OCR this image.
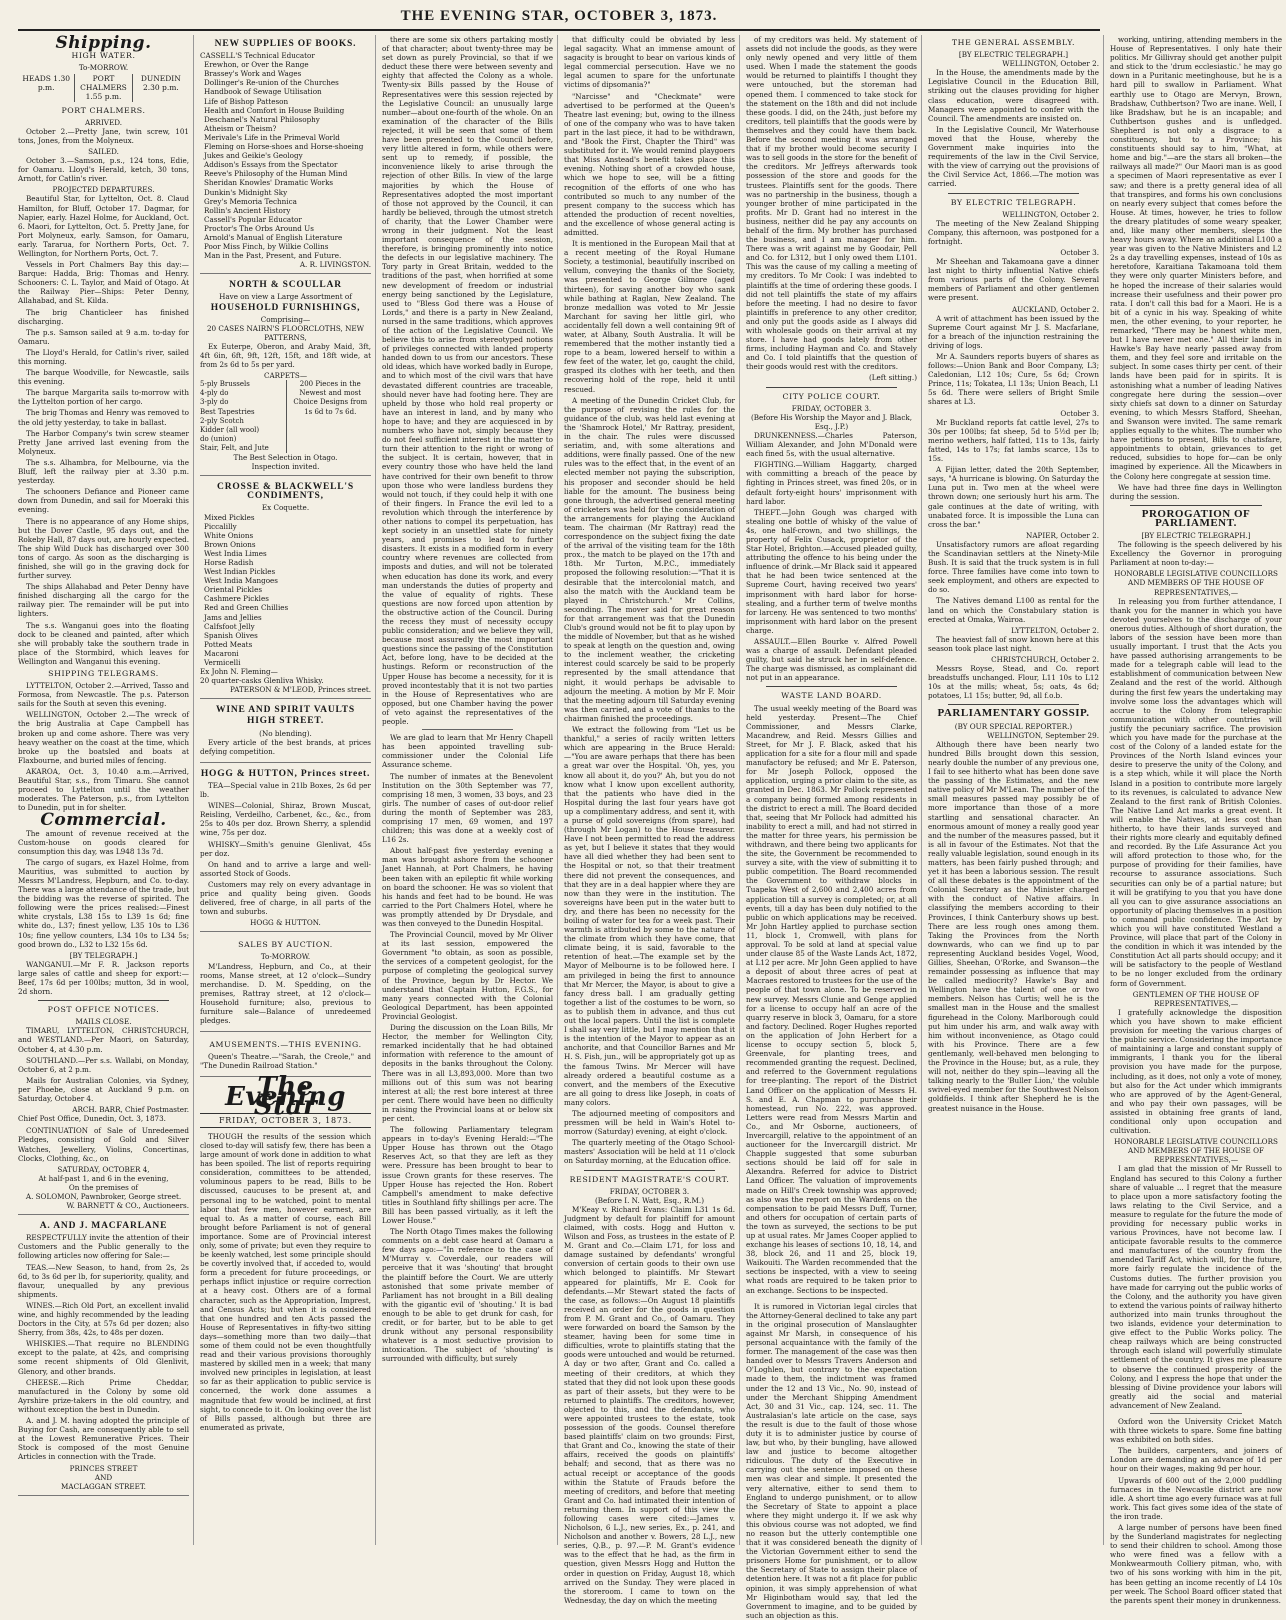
THE EVENING STAR, OCTOBER 3, 1873.
Shipping.
HIGH WATER.
To-MORROW.
HEADS 1.30 p.m.
PORT CHALMERS 1.55 p.m.
DUNEDIN 2.30 p.m.
PORT CHALMERS.
ARRIVED.

October 2.—Pretty Jane, twin screw, 101 tons, Jones, from the Molyneux.

SAILED.

October 3.—Samson, p.s., 124 tons, Edie, for Oamaru. Lloyd's Herald, ketch, 30 tons, Arnott, for Catlin's river.

PROJECTED DEPARTURES.

Beautiful Star, for Lyttelton, Oct. 8. Claud Hamilton, for Bluff, October 17. Dagmar, for Napier, early. Hazel Holme, for Auckland, Oct. 6. Maori, for Lyttelton, Oct. 5. Pretty Jane, for Port Molyneux, early. Samson, for Oamaru, early. Tararua, for Northern Ports, Oct. 7. Wellington, for Northern Ports, Oct. 7.

Vessels in Port Chalmers Bay this day:— Barque: Hadda, Brig: Thomas and Henry. Schooners: C. L. Taylor, and Maid of Otago. At the Railway Pier—Ships: Peter Denny, Allahabad, and St. Kilda.

The brig Chanticleer has finished discharging.

The p.s. Samson sailed at 9 a.m. to-day for Oamaru.

The Lloyd's Herald, for Catlin's river, sailed this morning.

The barque Woodville, for Newcastle, sails this evening.

The barque Margarita sails to-morrow with the Lyttelton portion of her cargo.

The brig Thomas and Henry was removed to the old jetty yesterday, to take in ballast.

The Harbor Company's twin screw steamer Pretty Jane arrived last evening from the Molyneux.

The s.s. Alhambra, for Melbourne, via the Bluff, left the railway pier at 3.30 p.m. yesterday.

The schooners Defiance and Pioneer came down from Dunedin, and sail for Moeraki this evening.

There is no appearance of any Home ships, but the Dover Castle, 95 days out, and the Rokeby Hall, 87 days out, are hourly expected. The ship Wild Duck has discharged over 300 tons of cargo. As soon as the discharging is finished, she will go in the graving dock for further survey.

The ships Allahabad and Peter Denny have finished discharging all the cargo for the railway pier. The remainder will be put into lighters.

The s.s. Wanganui goes into the floating dock to be cleaned and painted, after which she will probably take the southern trade in place of the Stormbird, which leaves for Wellington and Wanganui this evening.

SHIPPING TELEGRAMS.

LYTTELTON, October 2.—Arrived, Tasso and Formosa, from Newcastle. The p.s. Paterson sails for the South at seven this evening.

WELLINGTON, October 2.—The wreck of the brig Australia at Cape Campbell has broken up and come ashore. There was very heavy weather on the coast at the time, which broke up the boatsled and boats at Flaxbourne, and buried miles of fencing.

AKAROA, Oct. 3, 10.40 a.m.—Arrived, Beautiful Star, s.s., from Timaru. She cannot proceed to Lyttelton until the weather moderates. The Paterson, p.s., from Lyttelton to Dunedin, put in for shelter.

Commercial.

The amount of revenue received at the Custom-house on goods cleared for consumption this day, was L948 13s 7d.

The cargo of sugars, ex Hazel Holme, from Mauritius, was submitted to auction by Messrs M'Landress, Hepburn, and Co. to-day. There was a large attendance of the trade, but the bidding was the reverse of spirited. The following were the prices realised:—Finest white crystals, L38 15s to L39 1s 6d; fine white do., L37; finest yellow, L35 10s to L36 10s; fine yellow counters, L34 10s to L34 5s; good brown do., L32 to L32 15s 6d.

[BY TELEGRAPH.]

WANGANUI.—Mr F. R. Jackson reports large sales of cattle and sheep for export:—Beef, 17s 6d per 100lbs; mutton, 3d in wool, 2d shorn.

POST OFFICE NOTICES.
MAILS CLOSE.

TIMARU, LYTTELTON, CHRISTCHURCH, and WESTLAND.—Per Maori, on Saturday, October 4, at 4.30 p.m.

SOUTHLAND.—Per s.s. Wallabi, on Monday, October 6, at 2 p.m.

Mails for Australian Colonies, via Sydney, per Phoebe, close at Auckland 9 p.m. on Saturday, October 4.

ARCH. BARR, Chief Postmaster.
Chief Post Office, Dunedin, Oct. 3, 1873.

CONTINUATION of Sale of Unredeemed Pledges, consisting of Gold and Silver Watches, Jewellery, Violins, Concertinas, Clocks, Clothing, &c., on

SATURDAY, OCTOBER 4,
At half-past 1, and 6 in the evening,
On the premises of
A. SOLOMON, Pawnbroker, George street.
W. BARNETT & CO., Auctioneers.
A. AND J. MACFARLANE

RESPECTFULLY invite the attention of their Customers and the Public generally to the following articles now offering for Sale:—

TEAS.—New Season, to hand, from 2s, 2s 6d, to 3s 6d per lb, for superiority, quality, and flavour, unequalled by any previous shipments.

WINES.—Rich Old Port, an excellent invalid wine, and highly recommended by the leading Doctors in the City, at 57s 6d per dozen; also Sherry, from 38s, 42s, to 48s per dozen.

WHISKIES.—That require no BLENDING except to the palate, at 42s, and comprising some recent shipments of Old Glenlivit, Glenory, and other brands.

CHEESE.—Rich Prime Cheddar, manufactured in the Colony by some old Ayrshire prize-takers in the old country, and without exception the best in Dunedin.

A. and J. M. having adopted the principle of Buying for Cash, are consequently able to sell at the Lowest Remunerative Prices. Their Stock is composed of the most Genuine Articles in connection with the Trade.

PRINCES STREET
AND
MACLAGGAN STREET.
NEW SUPPLIES OF BOOKS.
CASSELL'S Technical Educator
Erewhon, or Over the Range
Brassey's Work and Wages
Dollinger's Re-union of the Churches
Handbook of Sewage Utilisation
Life of Bishop Patteson
Health and Comfort in House Building
Deschanel's Natural Philosophy
Atheism or Theism?
Merivale's Life in the Primeval World
Fleming on Horse-shoes and Horse-shoeing
Jukes and Geikie's Geology
Addison's Essays from the Spectator
Reeve's Philosophy of the Human Mind
Sheridan Knowles' Dramatic Works
Dunkin's Midnight Sky
Grey's Memoria Technica
Rollin's Ancient History
Cassell's Popular Educator
Proctor's The Orbs Around Us
Arnold's Manual of English Literature
Poor Miss Finch, by Wilkie Collins
Man in the Past, Present, and Future.
A. R. LIVINGSTON.
NORTH & SCOULLAR
Have on view a Large Assortment of
HOUSEHOLD FURNISHINGS,
Comprising—
20 CASES NAIRN'S FLOORCLOTHS, NEW PATTERNS,

Ex Euterpe, Oberon, and Araby Maid, 3ft, 4ft 6in, 6ft, 9ft, 12ft, 15ft, and 18ft wide, at from 2s 6d to 5s per yard.

CARPETS—
5-ply Brussels
4-ply do
3-ply do
Best Tapestries
2-ply Scotch
Kidder (all wool)
do (union)
Stair, Felt, and Jute
200 Pieces in the Newest and most Choice Designs from 1s 6d to 7s 6d.
The Best Selection in Otago.
Inspection invited.
CROSSE & BLACKWELL'S CONDIMENTS,
Ex Coquette.
Mixed Pickles
Piccalilly
White Onions
Brown Onions
West India Limes
Horse Radish
West Indian Pickles
West India Mangoes
Oriental Pickles
Cashmere Pickles
Red and Green Chillies
Jams and Jellies
Calfsfoot Jelly
Spanish Olives
Potted Meats
Macaroni
Vermicelli
Ex John N. Fleming—
20 quarter-casks Glenliva Whisky.
PATERSON & M'LEOD, Princes street.
WINE AND SPIRIT VAULTS
HIGH STREET.
(No blending).

Every article of the best brands, at prices defying competition.

HOGG & HUTTON, Princes street.

TEA—Special value in 21lb Boxes, 2s 6d per lb.

WINES—Colonial, Shiraz, Brown Muscat, Reisling, Verdeilho, Carbenet, &c., &c., from 25s to 40s per doz. Brown Sherry, a splendid wine, 75s per doz.

WHISKY—Smith's genuine Glenlivat, 45s per doz.

On hand and to arrive a large and well-assorted Stock of Goods.

Customers may rely on every advantage in price and quality being given. Goods delivered, free of charge, in all parts of the town and suburbs.

HOGG & HUTTON.
SALES BY AUCTION.
To-MORROW.

M'Landress, Hepburn, and Co., at their rooms, Manse street, at 12 o'clock—Sundry merchandise. D. M. Spedding, on the premises, Rattray street, at 12 o'clock—Household furniture; also, previous to furniture sale—Balance of unredeemed pledges.

AMUSEMENTS.—THIS EVENING.

Queen's Theatre.—"Sarah, the Creole," and "The Dunedin Railroad Station."

The Evening Star
FRIDAY, OCTOBER 3, 1873.

THOUGH the results of the session which closed to-day will satisfy few, there has been a large amount of work done in addition to what has been spoiled. The list of reports requiring consideration, committees to be attended, voluminous papers to be read, Bills to be discussed, caucuses to be present at, and personal ing to be watched, point to mental labor that few men, however earnest, are equal to. As a matter of course, each Bill brought before Parliament is not of general importance. Some are of Provincial interest only, some of private; but even they require to be keenly watched, lest some principle should be covertly involved that, if acceded to, would form a precedent for future proceedings, or perhaps inflict injustice or require correction at a heavy cost. Others are of a formal character, such as the Appropriation, Imprest, and Census Acts; but when it is considered that one hundred and ten Acts passed the House of Representatives in fifty-two sitting days—something more than two daily—that some of them could not be even thoughtfully read and their various provisions thoroughly mastered by skilled men in a week; that many involved new principles in legislation, at least so far as their application to public service is concerned, the work done assumes a magnitude that few would be inclined, at first sight, to concede to it. On looking over the list of Bills passed, although but three are enumerated as private,

there are some six others partaking mostly of that character; about twenty-three may be set down as purely Provincial, so that if we deduct these there were between seventy and eighty that affected the Colony as a whole. Twenty-six Bills passed by the House of Representatives were this session rejected by the Legislative Council: an unusually large number—about one-fourth of the whole. On an examination of the character of the Bills rejected, it will be seen that some of them have been presented to the Council before, very little altered in form, while others were sent up to remedy, if possible, the inconvenience likely to arise through the rejection of other Bills. In view of the large majorities by which the House of Representatives adopted the most important of those not approved by the Council, it can hardly be believed, through the utmost stretch of charity, that the Lower Chamber were wrong in their judgment. Not the least important consequence of the session, therefore, is bringing prominently into notice the defects in our legislative machinery. The Tory party in Great Britain, wedded to the traditions of the past, when horrified at some new development of freedom or industrial energy being sanctioned by the Legislature, used to "Bless God there was a House of Lords," and there is a party in New Zealand, nursed in the same traditions, which approves of the action of the Legislative Council. We believe this to arise from stereotyped notions of privileges connected with landed property handed down to us from our ancestors. These old ideas, which have worked badly in Europe, and to which most of the civil wars that have devastated different countries are traceable, should never have had footing here. They are upheld by those who hold real property or have an interest in land, and by many who hope to have; and they are acquiesced in by numbers who have not, simply because they do not feel sufficient interest in the matter to turn their attention to the right or wrong of the subject. It is certain, however, that in every country those who have held the land have contrived for their own benefit to throw upon those who were landless burdens they would not touch, if they could help it with one of their fingers. In France the evil led to a revolution which through the interference by other nations to compel its perpetuation, has kept society in an unsettled state for ninety years, and promises to lead to further disasters. It exists in a modified form in every country where revenues are collected from imposts and duties, and will not be tolerated when education has done its work, and every man understands the duties of property and the value of equality of rights. These questions are now forced upon attention by the obstructive action of the Council. During the recess they must of necessity occupy public consideration; and we believe they will, because most assuredly the most important questions since the passing of the Constitution Act, before long, have to be decided at the hustings. Reform or reconstruction of the Upper House has become a necessity, for it is proved incontestably that it is not two parties in the House of Representatives who are opposed, but one Chamber having the power of veto against the representatives of the people.

We are glad to learn that Mr Henry Chapell has been appointed travelling sub-commissioner under the Colonial Life Assurance scheme.

The number of inmates at the Benevolent Institution on the 30th September was 77, comprising 18 men, 3 women, 33 boys, and 23 girls. The number of cases of out-door relief during the month of September was 283, comprising 17 men, 69 women, and 197 children; this was done at a weekly cost of L16 2s.

About half-past five yesterday evening a man was brought ashore from the schooner Janet Hannah, at Port Chalmers, he having been taken with an epileptic fit while working on board the schooner. He was so violent that his hands and feet had to be bound. He was carried to the Port Chalmers Hotel, where he was promptly attended by Dr Drysdale, and was then conveyed to the Dunedin Hospital.

The Provincial Council, moved by Mr Oliver at its last session, empowered the Government "to obtain, as soon as possible, the services of a competent geologist, for the purpose of completing the geological survey of the Province, begun by Dr Hector. We understand that Captain Hutton, F.G.S., for many years connected with the Colonial Geological Department, has been appointed Provincial Geologist.

During the discussion on the Loan Bills, Mr Hector, the member for Wellington City, remarked incidentally that he had obtained information with reference to the amount of deposits in the banks throughout the Colony. There was in all L3,893,000. More than two millions out of this sum was not bearing interest at all; the rest bore interest at three per cent. There would have been no difficulty in raising the Provincial loans at or below six per cent.

The following Parliamentary telegram appears in to-day's Evening Herald:—"The Upper House has thrown out the Otago Reserves Act, so that they are left as they were. Pressure has been brought to bear to issue Crown grants for these reserves. The Upper House has rejected the Hon. Robert Campbell's amendment to make defective titles in Southland fifty shillings per acre. The Bill has been passed virtually, as it left the Lower House."

The North Otago Times makes the following comments on a debt case heard at Oamaru a few days ago:—"In reference to the case of M'Murray v. Coverdale, our readers will perceive that it was 'shouting' that brought the plaintiff before the Court. We are utterly astonished that some private member of Parliament has not brought in a Bill dealing with the gigantic evil of 'shouting.' It is bad enough to be able to get drunk for cash, for credit, or for barter, but to be able to get drunk without any personal responsibility whatever is a most seductive provision to intoxication. The subject of 'shouting' is surrounded with difficulty, but surely

that difficulty could be obviated by less legal sagacity. What an immense amount of sagacity is brought to bear on various kinds of legal commercial persecution. Have we no legal acumen to spare for the unfortunate victims of dipsomania?"

"Narcisse" and "Checkmate" were advertised to be performed at the Queen's Theatre last evening; but, owing to the illness of one of the company who was to have taken part in the last piece, it had to be withdrawn, and "Book the First, Chapter the Third" was substituted for it. We would remind playgoers that Miss Anstead's benefit takes place this evening. Nothing short of a crowded house, which we hope to see, will be a fitting recognition of the efforts of one who has contributed so much to any number of the present company to the success which has attended the production of recent novelties, and the excellence of whose general acting is admitted.

It is mentioned in the European Mail that at a recent meeting of the Royal Humane Society, a testimonial, beautifully inscribed on vellum, conveying the thanks of the Society, was presented to George Gilmore (aged thirteen), for saving another boy who sank while bathing at Raglan, New Zealand. The bronze medallion was voted to Mr Jessie Marchant for saving her little girl, who accidentally fell down a well containing 9ft of water, at Albany, South Australia. It will be remembered that the mother instantly tied a rope to a beam, lowered herself to within a few feet of the water, let go, caught the child, grasped its clothes with her teeth, and then recovering hold of the rope, held it until rescued.

A meeting of the Dunedin Cricket Club, for the purpose of revising the rules for the guidance of the club, was held last evening at the 'Shamrock Hotel,' Mr Rattray, president, in the chair. The rules were discussed seriatim, and, with some alterations and additions, were finally passed. One of the new rules was to the effect that, in the event of an elected member not paying the subscription, his proposer and seconder should be held liable for the amount. The business being gone through, the advertised general meeting of cricketers was held for the consideration of the arrangements for playing the Auckland team. The chairman (Mr Rattray) read the correspondence on the subject fixing the date of the arrival of the visiting team for the 18th prox., the match to be played on the 17th and 18th. Mr Turton, M.P.C., immediately proposed the following resolution:—"That it is desirable that the intercolonial match, and also the match with the Auckland team be played in Christchurch." Mr Collins, seconding. The mover said for great reason for that arrangement was that the Dunedin Club's ground would not be fit to play upon by the middle of November, but that as he wished to speak at length on the question and, owing to the inclement weather, the cricketing interest could scarcely be said to be properly represented by the small attendance that night, it would perhaps be advisable to adjourn the meeting. A motion by Mr F. Moir that the meeting adjourn till Saturday evening was then carried, and a vote of thanks to the chairman finished the proceedings.

We extract the following from "Let us be thankful," a series of racily written letters which are appearing in the Bruce Herald:—"You are aware perhaps that there has been a great war over the Hospital. 'Oh, yes, you know all about it, do you?' Ah, but you do not know what I know upon excellent authority, that the patients who have died in the Hospital during the last four years have got up a complimentary address, and sent it, with a purse of gold sovereigns (from spare), had (through Mr Logan) to the House treasurer. Have I not been permitted to read the address as yet, but I believe it states that they would have all died whether they had been sent to the Hospital or not, so that their treatment there did not prevent the consequences, and that they are in a deal happier where they are now than they were in the institution. The sovereigns have been put in the water butt to dry, and there has been no necessity for the boiling of water for tea for a week past. Their warmth is attributed by some to the nature of the climate from which they have come, that climate being, it is said, favorable to the retention of heat.—The example set by the Mayor of Melbourne is to be followed here. I am privileged in being the first to announce that Mr Mercer, the Mayor, is about to give a fancy dress ball. I am gradually getting together a list of the costumes to be worn, so as to publish them in advance, and thus cut out the local papers. Until the list is complete I shall say very little, but I may mention that it is the intention of the Mayor to appear as an anchorite, and that Councillor Barnes and Mr H. S. Fish, jun., will be appropriately got up as the famous Twins. Mr Mercer will have already ordered a beautiful costume as a convert, and the members of the Executive are all going to dress like Joseph, in coats of many colors.

The adjourned meeting of compositors and pressmen will be held in Wain's Hotel to-morrow (Saturday) evening, at eight o'clock.

The quarterly meeting of the Otago School-masters' Association will be held at 11 o'clock on Saturday morning, at the Education office.

RESIDENT MAGISTRATE'S COURT.
FRIDAY, OCTOBER 3.
(Before I. N. Watt, Esq., R.M.)

M'Keay v. Richard Evans: Claim L31 1s 6d. Judgment by default for plaintiff for amount claimed, with costs. Hogg and Hutton v. Wilson and Foss, as trustees in the estate of P. M. Grant and Co.—Claim L71, for loss and damage sustained by defendants' wrongful conversion of certain goods to their own use which belonged to plaintiffs. Mr Stewart appeared for plaintiffs, Mr E. Cook for defendants.—Mr Stewart stated the facts of the case, as follows:—On August 18 plaintiffs received an order for the goods in question from P. M. Grant and Co., of Oamaru. They were forwarded on board the Samson by the steamer, having been for some time in difficulties, wrote to plaintiffs stating that the goods were untouched and would be returned. A day or two after, Grant and Co. called a meeting of their creditors, at which they stated that they did not look upon these goods as part of their assets, but they were to be returned to plaintiffs. The creditors, however, objected to this, and the defendants, who were appointed trustees to the estate, took possession of the goods. Counsel therefore based plaintiffs' claim on two grounds: First, that Grant and Co., knowing the state of their affairs, received the goods on plaintiffs' behalf; and second, that as there was no actual receipt or acceptance of the goods within the Statute of Frauds before the meeting of creditors, and before that meeting Grant and Co. had intimated their intention of returning them. In support of this view the following cases were cited:—James v. Nicholson, 6 L.J., new series, Ex., p. 241, and Nicholson and another v. Bowers, 28 L.J., new series, Q.B., p. 97.—P. M. Grant's evidence was to the effect that he had, as the firm in question, given Messrs Hogg and Hutton the order in question on Friday, August 18, which arrived on the Sunday. They were placed in the storeroom. I came to town on the Wednesday, the day on which the meeting

of my creditors was held. My statement of assets did not include the goods, as they were only newly opened and very little of them used. When I made the statement the goods would be returned to plaintiffs I thought they were untouched, but the storeman had opened them. I commenced to take stock for the statement on the 18th and did not include these goods. I did, on the 24th, just before my creditors, tell plaintiffs that the goods were by themselves and they could have them back. Before the second meeting it was arranged that if my brother would become security I was to sell goods in the store for the benefit of the creditors. Mr Jeffreys afterwards took possession of the store and goods for the trustees. Plaintiffs sent for the goods. There was no partnership in the business, though a younger brother of mine participated in the profits. Mr D. Grant had no interest in the business, neither did he pay any accounts on behalf of the firm. My brother has purchased the business, and I am manager for him. There was a writ against me by Goodair, Pell and Co. for L312, but I only owed them L101. This was the cause of my calling a meeting of my creditors. To Mr Cook: I was indebted to plaintiffs at the time of ordering these goods. I did not tell plaintiffs the state of my affairs before the meeting. I had no desire to favor plaintiffs in preference to any other creditor, and only put the goods aside as I always did with wholesale goods on their arrival at my store. I have had goods lately from other firms, including Hayman and Co. and Stavely and Co. I told plaintiffs that the question of their goods would rest with the creditors.

(Left sitting.)
CITY POLICE COURT.
FRIDAY, OCTOBER 3.
(Before His Worship the Mayor and J. Black, Esq., J.P.)

DRUNKENNESS.—Charles Paterson, William Alexander, and John M'Donald were each fined 5s, with the usual alternative.

FIGHTING.—William Haggarty, charged with committing a breach of the peace by fighting in Princes street, was fined 20s, or in default forty-eight hours' imprisonment with hard labor.

THEFT.—John Gough was charged with stealing one bottle of whisky of the value of 4s, one half-crown, and two shillings, the property of Felix Cusack, proprietor of the Star Hotel, Brighton.—Accused pleaded guilty, attributing the offence to his being under the influence of drink.—Mr Black said it appeared that he had been twice sentenced at the Supreme Court, having received two years' imprisonment with hard labor for horse-stealing, and a further term of twelve months for larceny. He was sentenced to two months' imprisonment with hard labor on the present charge.

ASSAULT.—Ellen Bourke v. Alfred Powell was a charge of assault. Defendant pleaded guilty, but said he struck her in self-defence. The charge was dismissed, as complainant did not put in an appearance.

WASTE LAND BOARD.

The usual weekly meeting of the Board was held yesterday. Present—The Chief Commissioner, and Messrs Clarke, Macandrew, and Reid. Messrs Gillies and Street, for Mr J. F. Black, asked that his application for a site for a flour mill and spade manufactory be refused; and Mr E. Paterson, for Mr Joseph Pollock, opposed the application, urging a prior claim to the site, as granted in Dec. 1863. Mr Pollock represented a company being formed among residents in the district to erect a mill. The Board decided that, seeing that Mr Pollock had admitted his inability to erect a mill, and had not stirred in the matter for three years, his permission be withdrawn, and there being two applicants for the site, the Government be recommended to survey a site, with the view of submitting it to public competition. The Board recommended the Government to withdraw blocks in Tuapeka West of 2,600 and 2,400 acres from application till a survey is completed; or, at all events, till a day has been duly notified to the public on which applications may be received. Mr John Hartley applied to purchase section 11, block 1, Cromwell, with plans for approval. To be sold at land at special value under clause 85 of the Waste Lands Act, 1872, at L12 per acre. Mr John Geen applied to have a deposit of about three acres of peat at Macraes restored to trustees for the use of the people of that town alone. To be reserved in new survey. Messrs Clunie and Genge applied for a license to occupy half an acre of the quarry reserve in block 3, Oamaru, for a store and factory. Declined. Roger Hughes reported on the application of John Herbert for a license to occupy section 5, block 5, Greenvale, for planting trees, and recommended granting the request. Declined, and referred to the Government regulations for tree-planting. The report of the District Land Officer on the application of Messrs H. S. and E. A. Chapman to purchase their homestead, run No. 222, was approved. Letters were read from Messrs Martin and Co., and Mr Osborne, auctioneers, of Invercargill, relative to the appointment of an auctioneer for the Invercargill district. Mr Chapple suggested that some suburban sections should be laid off for sale in Alexandra. Referred for advice to District Land Officer. The valuation of improvements made on Hill's Creek township was approved; as also was the report on the Wardens on the compensation to be paid Messrs Duff, Turner, and others for occupation of certain parts of the town as surveyed, the sections to be put up at usual rates. Mr James Cooper applied to exchange his leases of sections 10, 18, 14, and 38, block 26, and 11 and 25, block 19, Waikouiti. The Warden recommended that the sections be inspected, with a view to seeing what roads are required to be taken prior to an exchange. Sections to be inspected.

It is rumored in Victorian legal circles that the Attorney-General declined to take any part in the original prosecution of Manslaughter against Mr Marsh, in consequence of his personal acquaintance with the family of the former. The management of the case was then handed over to Messrs Travers Anderson and O'Loghlen, but contrary to the expectation made to them, the indictment was framed under the 12 and 13 Vic., No. 90, instead of under the Merchant Shipping Amendment Act, 30 and 31 Vic., cap. 124, sec. 11. The Australasian's late article on the case, says the result is due to the fault of those whose duty it is to administer justice by course of law, but who, by their bungling, have allowed law and justice to become altogether ridiculous. The duty of the Executive in carrying out the sentence imposed on these men was clear and simple. It presented the very alternative, either to send them to England to undergo punishment, or to allow the Secretary of State to appoint a place where they might undergo it. If we ask why this obvious course was not adopted, we find no reason but the utterly contemptible one that it was considered beneath the dignity of the Victorian Government either to send the prisoners Home for punishment, or to allow the Secretary of State to assign their place of detention here. It was not a fit place for public opinion, it was simply apprehension of what Mr Higinbotham would say, that led the Government to imagine, and to be guided by such an objection as this.

THE GENERAL ASSEMBLY.
[BY ELECTRIC TELEGRAPH.]
WELLINGTON, October 2.

In the House, the amendments made by the Legislative Council in the Education Bill, striking out the clauses providing for higher class education, were disagreed with. Managers were appointed to confer with the Council. The amendments are insisted on.

In the Legislative Council, Mr Waterhouse moved that the House, whereby the Government make inquiries into the requirements of the law in the Civil Service, with the view of carrying out the provisions of the Civil Service Act, 1866.—The motion was carried.

BY ELECTRIC TELEGRAPH.
WELLINGTON, October 2.

The meeting of the New Zealand Shipping Company, this afternoon, was postponed for a fortnight.

October 3.

Mr Sheehan and Takamoana gave a dinner last night to thirty influential Native chiefs from various parts of the Colony. Several members of Parliament and other gentlemen were present.

AUCKLAND, October 2.

A writ of attachment has been issued by the Supreme Court against Mr J. S. Macfarlane, for a breach of the injunction restraining the driving of logs.

Mr A. Saunders reports buyers of shares as follows:—Union Bank and Boor Company, L3; Caledonian, L12 10s; Cure, 5s 6d; Crown Prince, 11s; Tokatea, L1 13s; Union Beach, L1 5s 6d. There were sellers of Bright Smile shares at L3.

October 3.

Mr Buckland reports fat cattle level, 27s to 30s per 100lbs; fat sheep, 5d to 5½d per lb; merino wethers, half fatted, 11s to 13s, fairly fatted, 14s to 17s; fat lambs scarce, 13s to 15s.

A Fijian letter, dated the 20th September, says, "A hurricane is blowing. On Saturday the Luna put in. Two men at the wheel were thrown down; one seriously hurt his arm. The gale continues at the date of writing, with unabated force. It is impossible the Luna can cross the bar."

NAPIER, October 2.

Unsatisfactory rumors are afloat regarding the Scandinavian settlers at the Ninety-Mile Bush. It is said that the truck system is in full force. Three families have come into town to seek employment, and others are expected to do so.

The Natives demand L100 as rental for the land on which the Constabulary station is erected at Omaka, Wairoa.

LYTTELTON, October 2.

The heaviest fall of snow known here at this season took place last night.

CHRISTCHURCH, October 2.

Messrs Royse, Stead, and Co. report breadstuffs unchanged. Flour, L11 10s to L12 10s at the mills; wheat, 5s; oats, 4s 6d; potatoes, L1 15s; butter, 9d, all f.o.b.

PARLIAMENTARY GOSSIP.
(BY OUR SPECIAL REPORTER.)
WELLINGTON, September 29.

Although there have been nearly two hundred Bills brought down this session, nearly double the number of any previous one, I fail to see hitherto what has been done save the passing of the Estimates, and the new native policy of Mr M'Lean. The number of the small measures passed may possibly be of more importance than those of a more startling and sensational character. An enormous amount of money a really good year and the number of the measures passed, but it is all in favour of the Estimates. Not that the really valuable legislation, sound enough in its matters, has been fairly pushed through; and yet it has been a laborious session. The result of all these debates is the appointment of the Colonial Secretary as the Minister charged with the conduct of Native affairs. In classifying the members according to their Provinces, I think Canterbury shows up best. There are less rough ones among them. Taking the Provinces from the North downwards, who can we find up to par representing Auckland besides Vogel, Wood, Gillies, Sheehan, O'Rorke, and Swanson—the remainder possessing as influence that may be called mediocrity? Hawke's Bay and Wellington have the talent of one or two members. Nelson has Curtis; well he is the smallest man in the House and the smallest figurehead in the Colony. Marlborough could put him under his arm, and walk away with him without inconvenience, as Otago could with his Province. There are a few gentlemanly, well-behaved men belonging to the Province in the House; but, as a rule, they will not, neither do they spin—leaving all the talking nearly to the 'Buller Lion,' the voluble swivel-eyed member for the Southwest Nelson goldfields. I think after Shepherd he is the greatest nuisance in the House.

working, untiring, attending members in the House of Representatives. I only hate their politics. Mr Gillivray should get another pulpit and stick to the 'drum ecclesiastic.' he may go down in a Puritanic meetinghouse, but he is a hard pill to swallow in Parliament. What earthly use to Otago are Mervyn, Brown, Bradshaw, Cuthbertson? Two are inane. Well, I like Bradshaw, but he is an incapable; and Cuthbertson gushes and is unfledged. Shepherd is not only a disgrace to a constituency, but to a Province; his constituents should say to him, "What, at home and big."—are the stars all broken—the railways all made?" Our Maori man is as good a specimen of Maori representative as ever I saw; and there is a pretty general idea of all that transpires, and forms his own conclusions on nearly every subject that comes before the House. At times, however, he tries to follow the dreary platitudes of some weary speaker, and, like many other members, sleeps the heavy hours away. Where an additional L100 a year was given to the Native Ministers and L2 2s a day travelling expenses, instead of 10s as heretofore, Karaitiana Takamoana told them they were only quarter Ministers before, and he hoped the increase of their salaries would increase their usefulness and their power pro rata. I don't call this bad for a Maori. He is a bit of a cynic in his way. Speaking of white men, the other evening, to your reporter, he remarked, "There may be honest white men, but I have never met one." All their lands in Hawke's Bay have nearly passed away from them, and they feel sore and irritable on the subject. In some cases thirty per cent. of their lands have been paid for in spirits. It is astonishing what a number of leading Natives congregate here during the session—over sixty chiefs sat down to a dinner on Saturday evening, to which Messrs Stafford, Sheehan, and Swanson were invited. The same remark applies equally to the whites. The number who have petitions to present, Bills to chatisfare, appointments to obtain, grievances to get reduced, subsidies to hope for—can be only imagined by experience. All the Micawbers in the Colony here congregate at session time.

We have had three fine days in Wellington during the session.

PROROGATION OF PARLIAMENT.
[BY ELECTRIC TELEGRAPH.]

The following is the speech delivered by his Excellency the Governor in proroguing Parliament at noon to-day:—

HONORABLE LEGISLATIVE COUNCILLORS AND MEMBERS OF THE HOUSE OF REPRESENTATIVES,—

In releasing you from further attendance, I thank you for the manner in which you have devoted yourselves to the discharge of your onerous duties. Although of short duration, the labors of the session have been more than usually important. I trust that the Acts you have passed authorising arrangements to be made for a telegraph cable will lead to the establishment of communication between New Zealand and the rest of the world. Although during the first few years the undertaking may involve some loss the advantages which will accrue to the Colony from telegraphic communication with other countries will justify the pecuniary sacrifice. The provision which you have made for the purchase at the cost of the Colony of a landed estate for the Provinces of the North Island evinces your desire to preserve the unity of the Colony, and is a step which, while it will place the North Island in a position to contribute more largely to its revenues, is calculated to advance New Zealand to the first rank of British Colonies. The Native Land Act marks a great event. It will enable the Natives, at less cost than hitherto, to have their lands surveyed and their rights more clearly and equitably defined and recorded. By the Life Assurance Act you will afford protection to those who, for the purpose of providing for their families, have recourse to assurance associations. Such securities can only be of a partial nature; but it will be gratifying to you that you have done all you can to give assurance associations an opportunity of placing themselves in a position to command public confidence. The Act by which you will have constituted Westland a Province, will place that part of the Colony in the condition in which it was intended by the Constitution Act all parts should occupy; and it will be satisfactory to the people of Westland to be no longer excluded from the ordinary form of Government.

GENTLEMEN OF THE HOUSE OF REPRESENTATIVES,—

I gratefully acknowledge the disposition which you have shown to make efficient provision for meeting the various charges of the public service. Considering the importance of maintaining a large and constant supply of immigrants, I thank you for the liberal provision you have made for the purpose, including, as it does, not only a vote of money, but also for the Act under which immigrants who are approved of by the Agent-General, and who pay their own passages, will be assisted in obtaining free grants of land, conditional only upon occupation and cultivation.

HONORABLE LEGISLATIVE COUNCILLORS AND MEMBERS OF THE HOUSE OF REPRESENTATIVES,—

I am glad that the mission of Mr Russell to England has secured to this Colony a further share of valuable ... I regret that the measure to place upon a more satisfactory footing the laws relating to the Civil Service, and a measure to regulate for the future the mode of providing for necessary public works in various Provinces, have not become law. I anticipate favorable results to the commerce and manufactures of the country from the amended Tariff Act, which will, for the future, more fairly regulate the incidence of the Customs duties. The further provision you have made for carrying out the public works of the Colony, and the authority you have given to extend the various points of railway hitherto authorized into main trunks throughout the two islands, evidence your determination to give effect to the Public Works policy. The cheap railways which are being constructed through each island will powerfully stimulate settlement of the country. It gives me pleasure to observe the continued prosperity of the Colony, and I express the hope that under the blessing of Divine providence your labors will greatly aid the social and material advancement of New Zealand.

Oxford won the University Cricket Match with three wickets to spare. Some fine batting was exhibited on both sides.

The builders, carpenters, and joiners of London are demanding an advance of 1d per hour on their wages, making 9d per hour.

Upwards of 600 out of the 2,000 puddling furnaces in the Newcastle district are now idle. A short time ago every furnace was at full work. This fact gives some idea of the state of the iron trade.

A large number of persons have been fined by the Sunderland magistrates for neglecting to send their children to school. Among those who were fined was a fellow with a Monkwearmouth Colliery pitman, who, with two of his sons working with him in the pit, has been getting an income recently of L4 10s per week. The School Board officer stated that the parents spent their money in drunkenness.
